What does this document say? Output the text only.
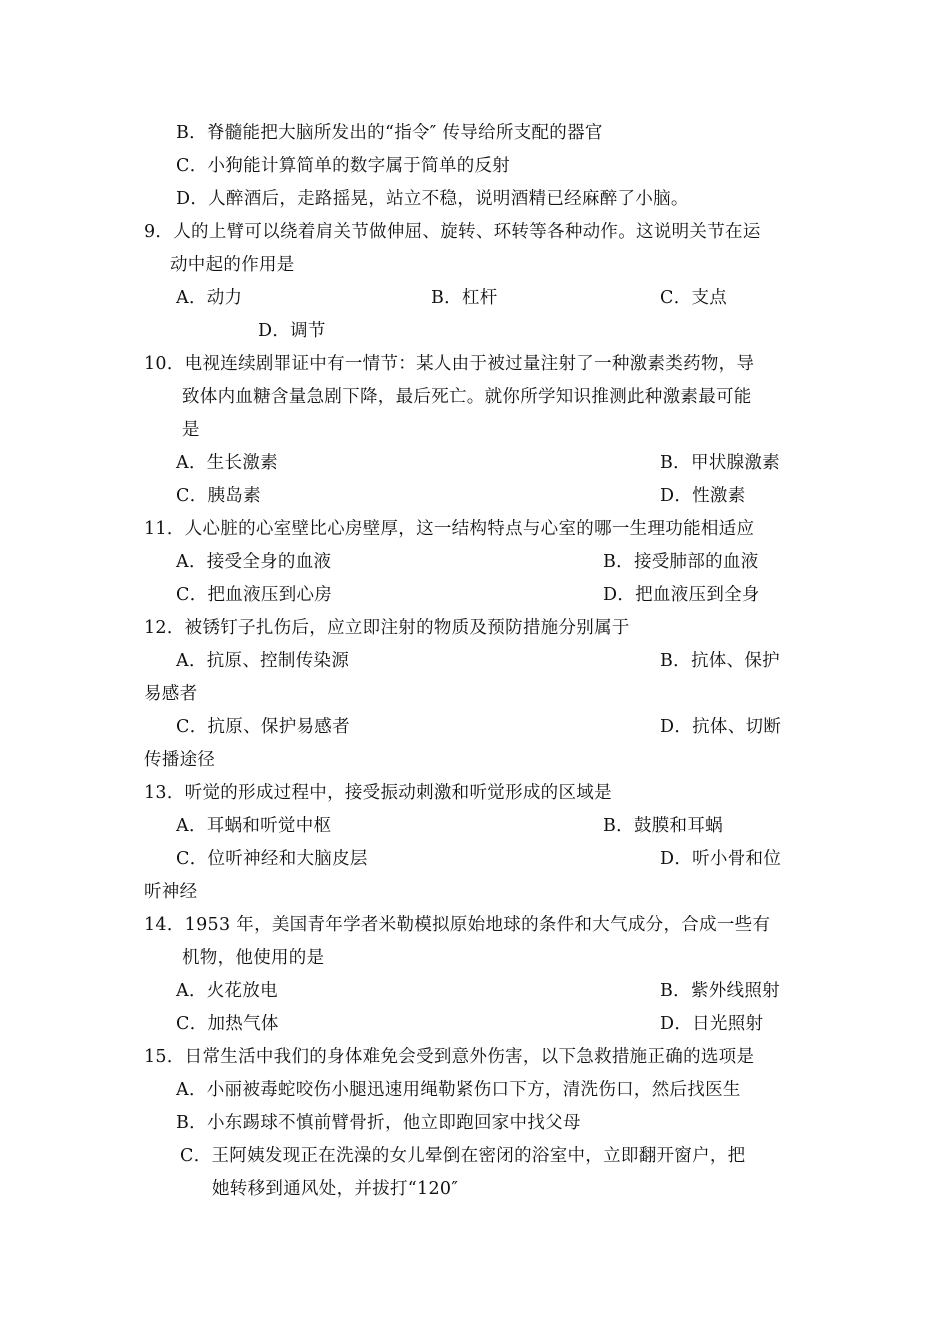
B．脊髓能把大脑所发出的“指令″ 传导给所支配的器官
C．小狗能计算简单的数字属于简单的反射
D．人醉酒后，走路摇晃，站立不稳，说明酒精已经麻醉了小脑。
9．人的上臂可以绕着肩关节做伸屈、旋转、环转等各种动作。这说明关节在运
动中起的作用是
A．动力	B．杠杆	C．支点
D．调节
10．电视连续剧罪证中有一情节：某人由于被过量注射了一种激素类药物，导
致体内血糖含量急剧下降，最后死亡。就你所学知识推测此种激素最可能
是
A．生长激素	B．甲状腺激素
C．胰岛素	D．性激素
11．人心脏的心室壁比心房壁厚，这一结构特点与心室的哪一生理功能相适应
A．接受全身的血液	B．接受肺部的血液
C．把血液压到心房	D．把血液压到全身
12．被锈钉子扎伤后，应立即注射的物质及预防措施分别属于
A．抗原、控制传染源	B．抗体、保护
易感者
C．抗原、保护易感者	D．抗体、切断
传播途径
13．听觉的形成过程中，接受振动刺激和听觉形成的区域是
A．耳蜗和听觉中枢	B．鼓膜和耳蜗
C．位听神经和大脑皮层	D．听小骨和位
听神经
14．1953 年，美国青年学者米勒模拟原始地球的条件和大气成分，合成一些有
机物，他使用的是
A．火花放电	B．紫外线照射
C．加热气体	D．日光照射
15．日常生活中我们的身体难免会受到意外伤害，以下急救措施正确的选项是
A．小丽被毒蛇咬伤小腿迅速用绳勒紧伤口下方，清洗伤口，然后找医生
B．小东踢球不慎前臂骨折，他立即跑回家中找父母
C．王阿姨发现正在洗澡的女儿晕倒在密闭的浴室中，立即翻开窗户，把
她转移到通风处，并拔打“120″
